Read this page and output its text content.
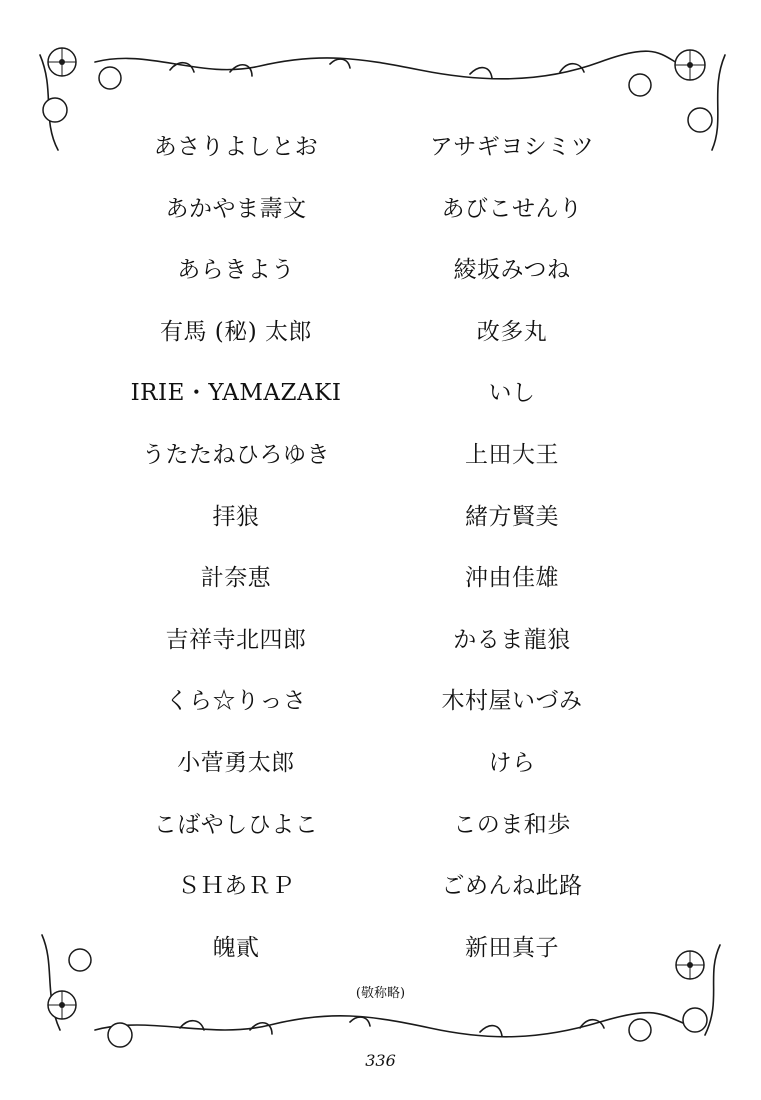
あさりよしとお	アサギヨシミツ
あかやま壽文	あびこせんり
あらきよう	綾坂みつね
有馬 (秘) 太郎	改多丸
IRIE・YAMAZAKI	いし
うたたねひろゆき	上田大王
拝狼	緒方賢美
計奈恵	沖由佳雄
吉祥寺北四郎	かるま龍狼
くら☆りっさ	木村屋いづみ
小菅勇太郎	けら
こばやしひよこ	このま和歩
ＳＨあＲＰ	ごめんね此路
魄貳	新田真子
(敬称略)
336
